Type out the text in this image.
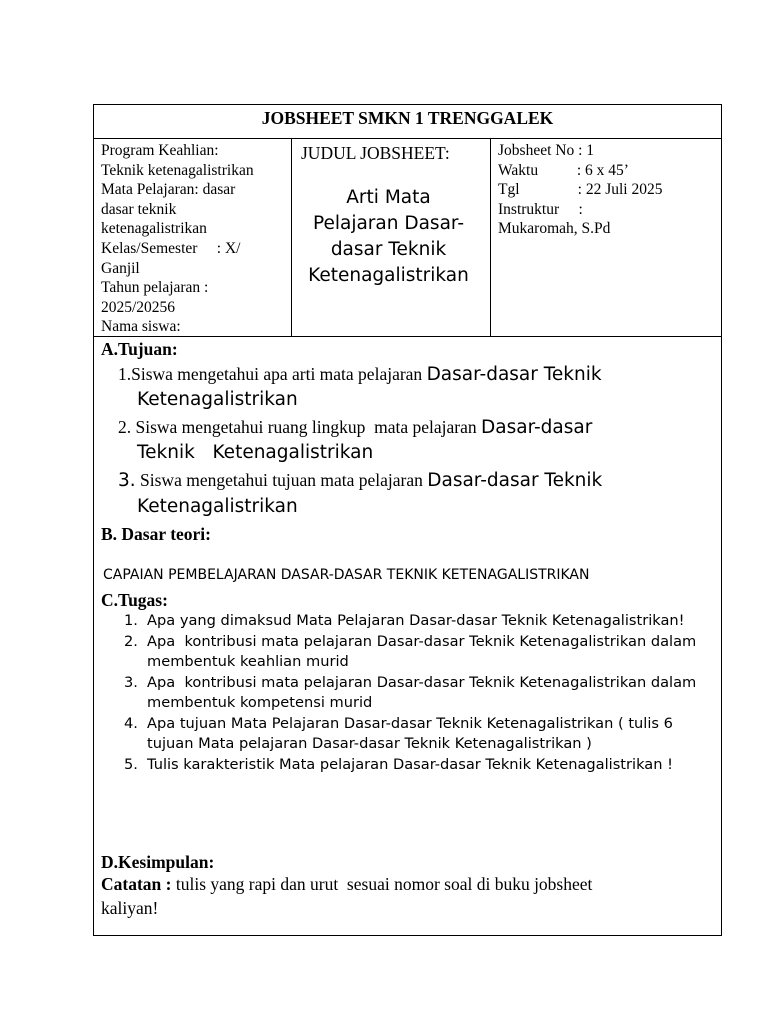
JOBSHEET SMKN 1 TRENGGALEK
Program Keahlian:
Teknik ketenagalistrikan
Mata Pelajaran: dasar
dasar teknik
ketenagalistrikan
Kelas/Semester     : X/
Ganjil
Tahun pelajaran :
2025/20256
Nama siswa:
JUDUL JOBSHEET:
Arti Mata
Pelajaran Dasar-
dasar Teknik
Ketenagalistrikan
Jobsheet No : 1
Waktu          : 6 x 45’
Tgl               : 22 Juli 2025
Instruktur     :
Mukaromah, S.Pd
A.Tujuan:
1.Siswa mengetahui apa arti mata pelajaran Dasar-dasar Teknik
Ketenagalistrikan
2. Siswa mengetahui ruang lingkup  mata pelajaran Dasar-dasar
Teknik   Ketenagalistrikan
3. Siswa mengetahui tujuan mata pelajaran Dasar-dasar Teknik
Ketenagalistrikan
B. Dasar teori:
CAPAIAN PEMBELAJARAN DASAR-DASAR TEKNIK KETENAGALISTRIKAN
C.Tugas:
1. Apa yang dimaksud Mata Pelajaran Dasar-dasar Teknik Ketenagalistrikan!
2. Apa  kontribusi mata pelajaran Dasar-dasar Teknik Ketenagalistrikan dalam
membentuk keahlian murid
3. Apa  kontribusi mata pelajaran Dasar-dasar Teknik Ketenagalistrikan dalam
membentuk kompetensi murid
4. Apa tujuan Mata Pelajaran Dasar-dasar Teknik Ketenagalistrikan ( tulis 6
tujuan Mata pelajaran Dasar-dasar Teknik Ketenagalistrikan )
5. Tulis karakteristik Mata pelajaran Dasar-dasar Teknik Ketenagalistrikan !
D.Kesimpulan:
Catatan : tulis yang rapi dan urut  sesuai nomor soal di buku jobsheet
kaliyan!
